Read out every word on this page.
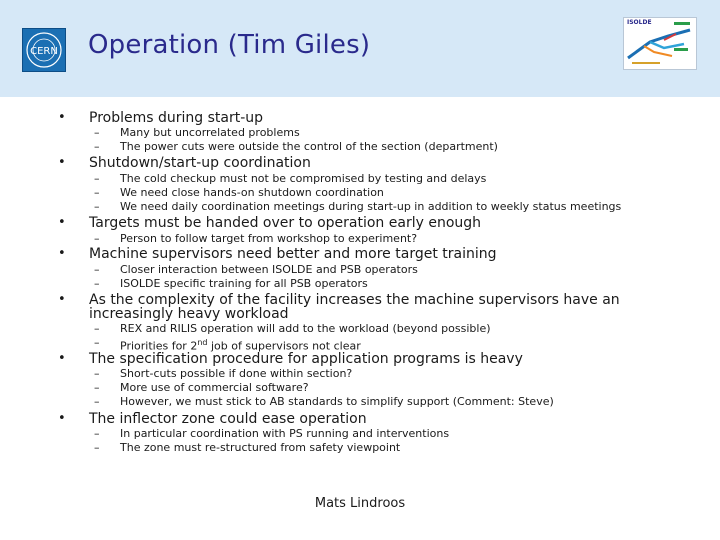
CERN Operation (Tim Giles)
ISOLDE
• Problems during start-up
– Many but uncorrelated problems
– The power cuts were outside the control of the section (department)
• Shutdown/start-up coordination
– The cold checkup must not be compromised by testing and delays
– We need close hands-on shutdown coordination
– We need daily coordination meetings during start-up in addition to weekly status meetings
• Targets must be handed over to operation early enough
– Person to follow target from workshop to experiment?
• Machine supervisors need better and more target training
– Closer interaction between ISOLDE and PSB operators
– ISOLDE specific training for all PSB operators
• As the complexity of the facility increases the machine supervisors have an increasingly heavy workload
– REX and RILIS operation will add to the workload (beyond possible)
– Priorities for 2nd job of supervisors not clear
• The specification procedure for application programs is heavy
– Short-cuts possible if done within section?
– More use of commercial software?
– However, we must stick to AB standards to simplify support (Comment: Steve)
• The inflector zone could ease operation
– In particular coordination with PS running and interventions
– The zone must re-structured from safety viewpoint
Mats Lindroos
